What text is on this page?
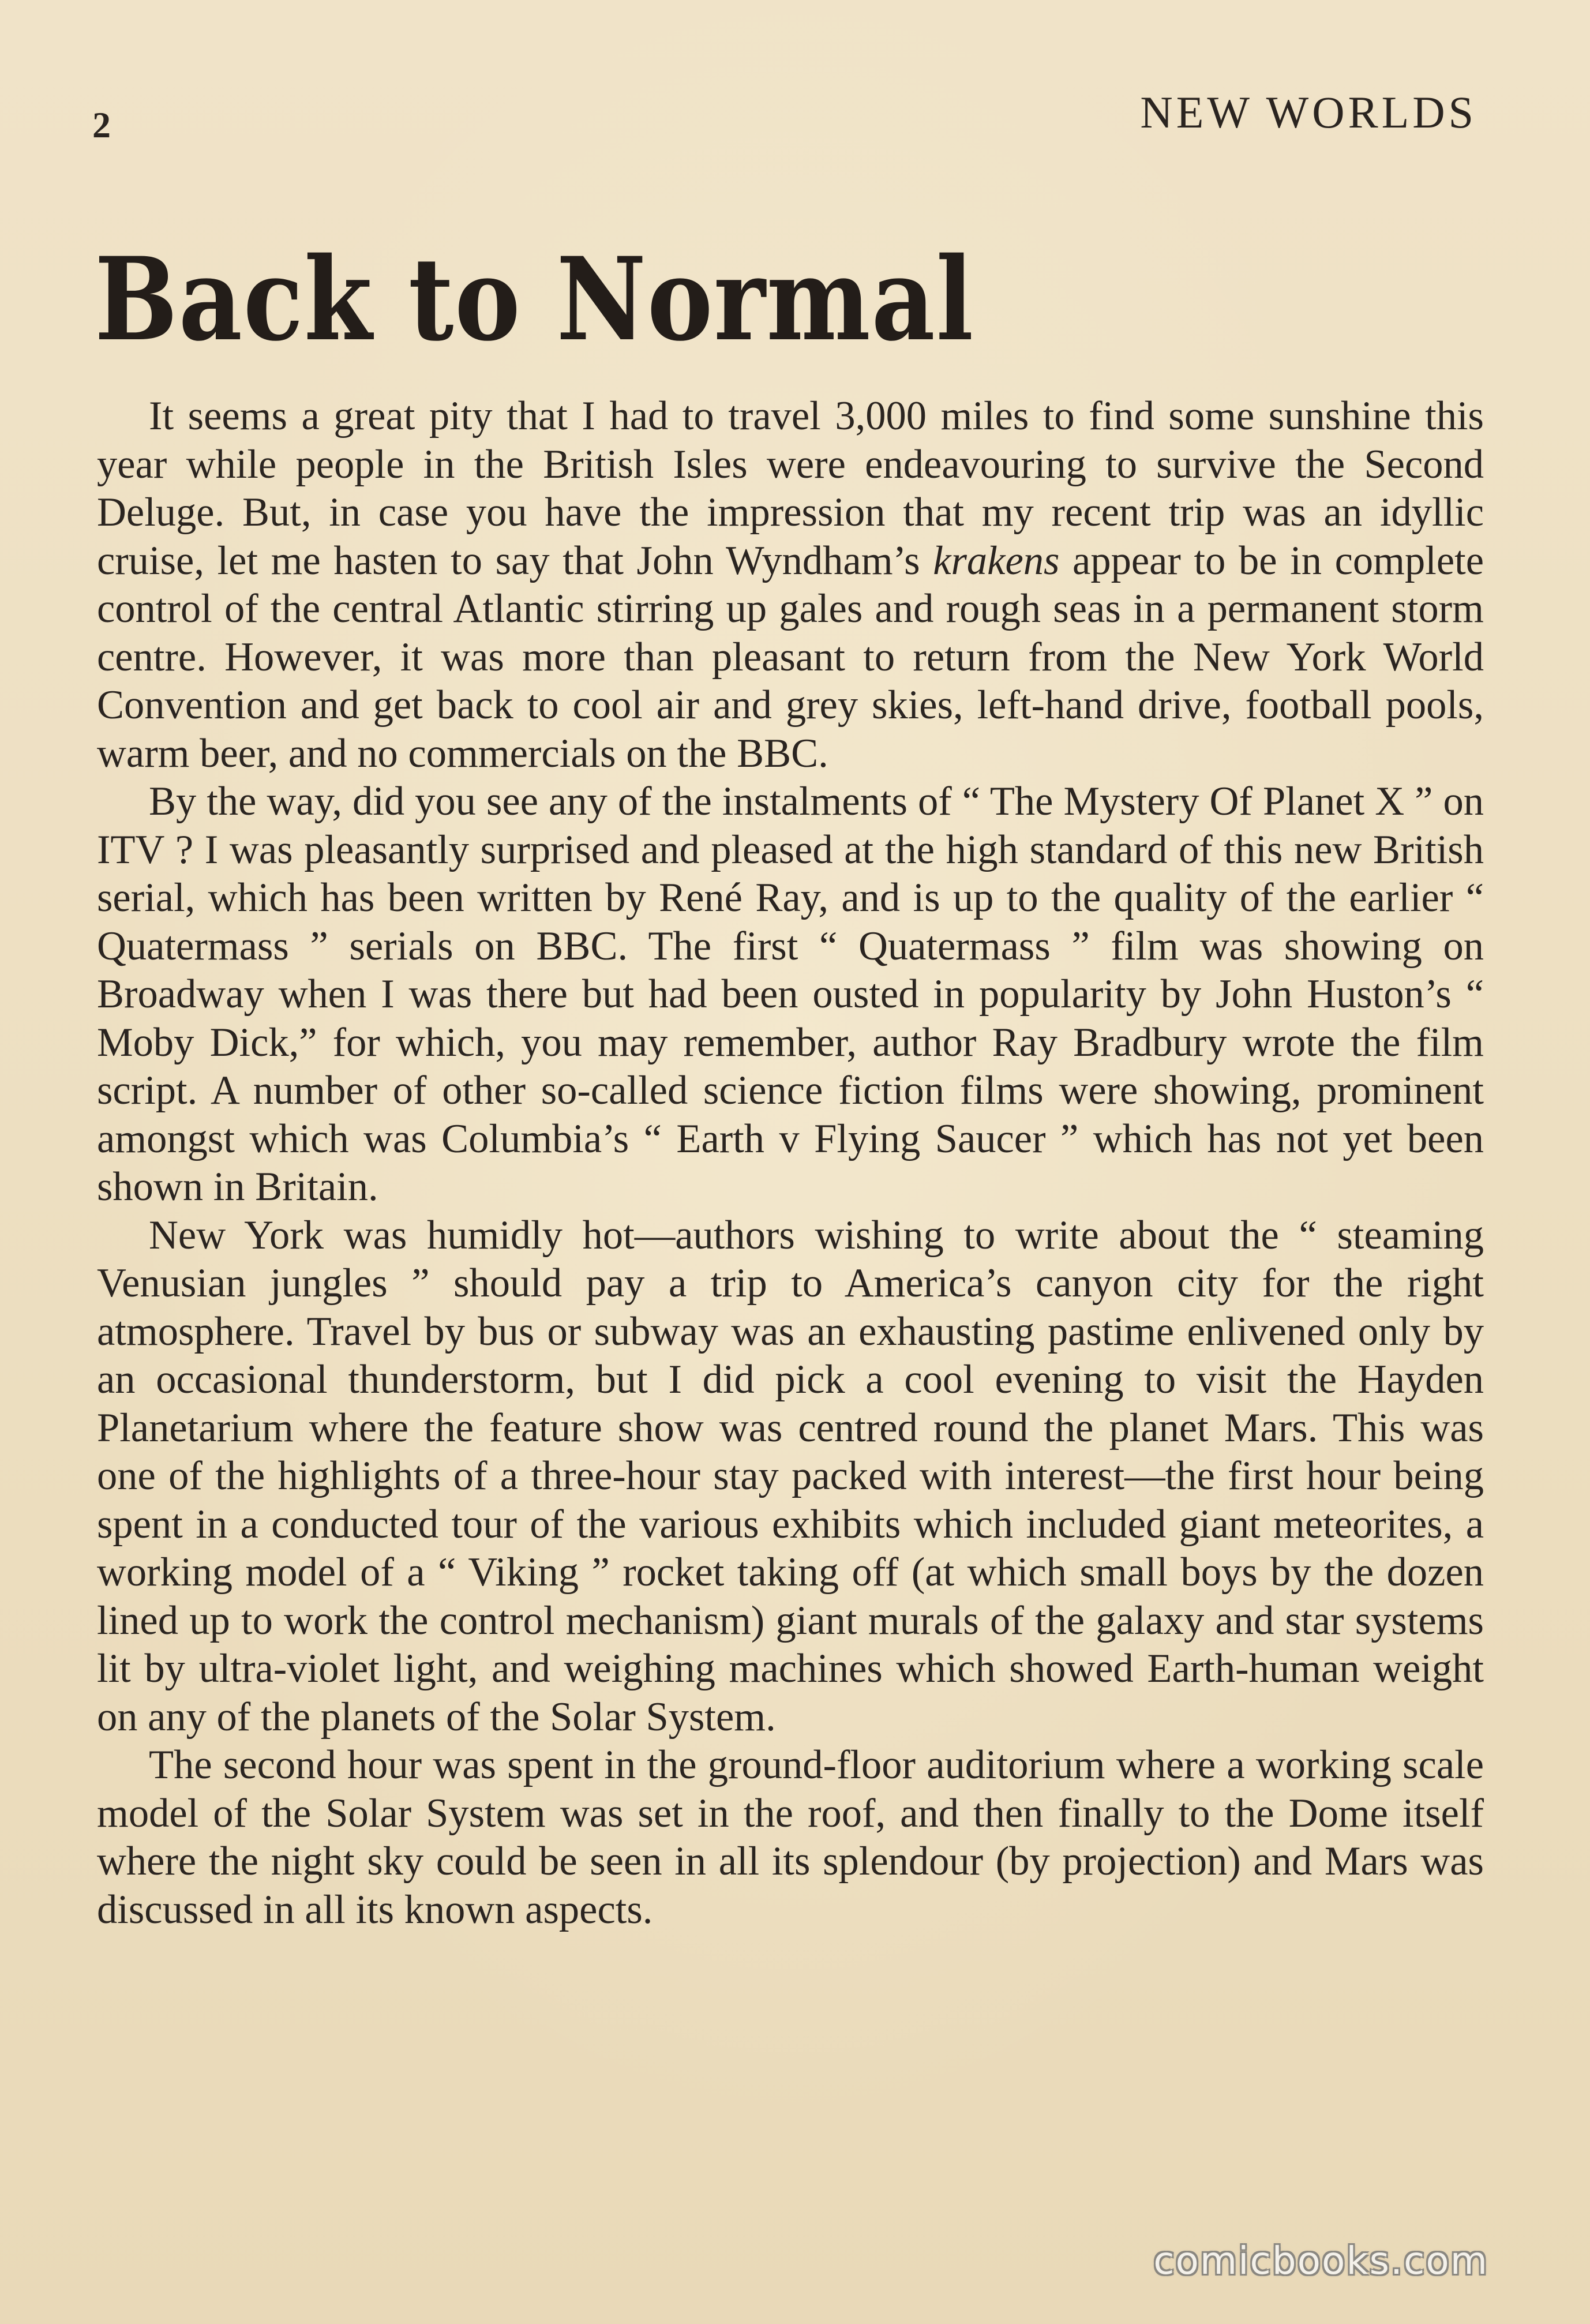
2	NEW WORLDS
Back to Normal

It seems a great pity that I had to travel 3,000 miles to find some sunshine this year while people in the British Isles were endeavouring to survive the Second Deluge. But, in case you have the impression that my recent trip was an idyllic cruise, let me hasten to say that John Wyndham’s krakens appear to be in complete control of the central Atlantic stirring up gales and rough seas in a permanent storm centre. However, it was more than pleasant to return from the New York World Convention and get back to cool air and grey skies, left-hand drive, football pools, warm beer, and no commercials on the BBC.

By the way, did you see any of the instalments of “ The Mystery Of Planet X ” on ITV ? I was pleasantly surprised and pleased at the high standard of this new British serial, which has been written by René Ray, and is up to the quality of the earlier “ Quatermass ” serials on BBC. The first “ Quatermass ” film was showing on Broadway when I was there but had been ousted in popularity by John Huston’s “ Moby Dick,” for which, you may remember, author Ray Bradbury wrote the film script. A number of other so-called science fiction films were showing, prominent amongst which was Columbia’s “ Earth v Flying Saucer ” which has not yet been shown in Britain.

New York was humidly hot—authors wishing to write about the “ steaming Venusian jungles ” should pay a trip to America’s canyon city for the right atmosphere. Travel by bus or subway was an exhausting pastime enlivened only by an occasional thunderstorm, but I did pick a cool evening to visit the Hayden Planetarium where the feature show was centred round the planet Mars. This was one of the highlights of a three-hour stay packed with interest—the first hour being spent in a conducted tour of the various exhibits which included giant meteorites, a working model of a “ Viking ” rocket taking off (at which small boys by the dozen lined up to work the control mechanism) giant murals of the galaxy and star systems lit by ultra-violet light, and weighing machines which showed Earth-human weight on any of the planets of the Solar System.

The second hour was spent in the ground-floor auditorium where a working scale model of the Solar System was set in the roof, and then finally to the Dome itself where the night sky could be seen in all its splendour (by projection) and Mars was discussed in all its known aspects.

comicbooks.com
